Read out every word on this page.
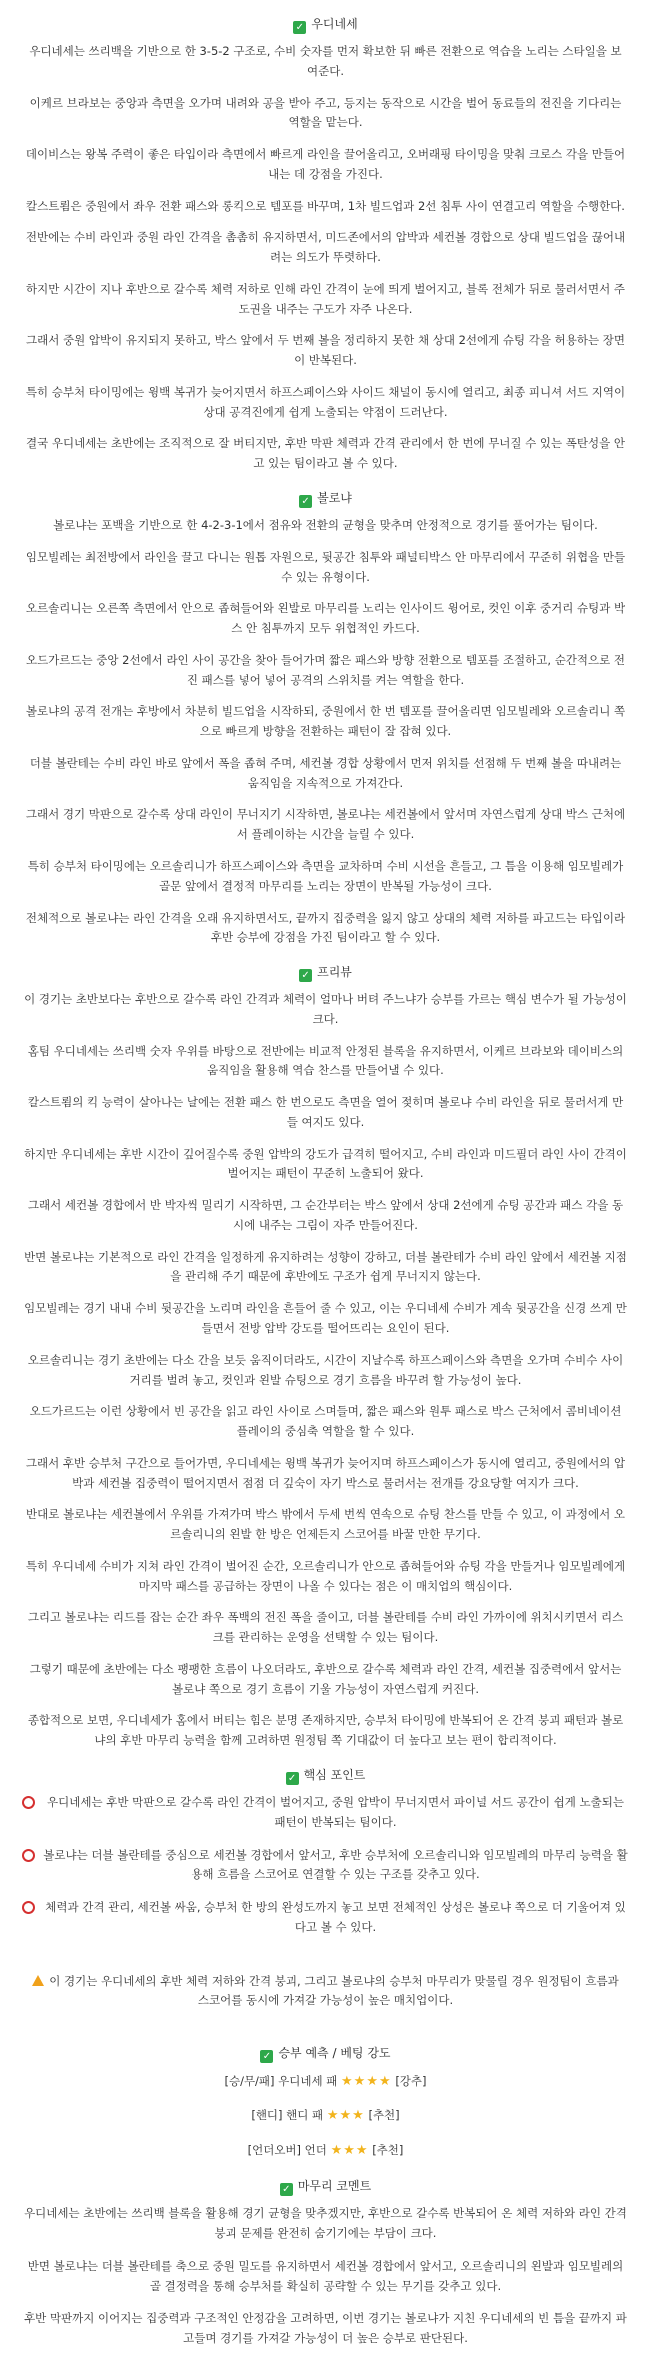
✓ 우디네세

우디네세는 쓰리백을 기반으로 한 3-5-2 구조로, 수비 숫자를 먼저 확보한 뒤 빠른 전환으로 역습을 노리는 스타일을 보여준다.

이케르 브라보는 중앙과 측면을 오가며 내려와 공을 받아 주고, 등지는 동작으로 시간을 벌어 동료들의 전진을 기다리는 역할을 맡는다.

데이비스는 왕복 주력이 좋은 타입이라 측면에서 빠르게 라인을 끌어올리고, 오버래핑 타이밍을 맞춰 크로스 각을 만들어내는 데 강점을 가진다.

칼스트룀은 중원에서 좌우 전환 패스와 롱킥으로 템포를 바꾸며, 1차 빌드업과 2선 침투 사이 연결고리 역할을 수행한다.

전반에는 수비 라인과 중원 라인 간격을 촘촘히 유지하면서, 미드존에서의 압박과 세컨볼 경합으로 상대 빌드업을 끊어내려는 의도가 뚜렷하다.

하지만 시간이 지나 후반으로 갈수록 체력 저하로 인해 라인 간격이 눈에 띄게 벌어지고, 블록 전체가 뒤로 물러서면서 주도권을 내주는 구도가 자주 나온다.

그래서 중원 압박이 유지되지 못하고, 박스 앞에서 두 번째 볼을 정리하지 못한 채 상대 2선에게 슈팅 각을 허용하는 장면이 반복된다.

특히 승부처 타이밍에는 윙백 복귀가 늦어지면서 하프스페이스와 사이드 채널이 동시에 열리고, 최종 피니셔 서드 지역이 상대 공격진에게 쉽게 노출되는 약점이 드러난다.

결국 우디네세는 초반에는 조직적으로 잘 버티지만, 후반 막판 체력과 간격 관리에서 한 번에 무너질 수 있는 폭탄성을 안고 있는 팀이라고 볼 수 있다.

✓ 볼로냐

볼로냐는 포백을 기반으로 한 4-2-3-1에서 점유와 전환의 균형을 맞추며 안정적으로 경기를 풀어가는 팀이다.

임모빌레는 최전방에서 라인을 끌고 다니는 원톱 자원으로, 뒷공간 침투와 패널티박스 안 마무리에서 꾸준히 위협을 만들 수 있는 유형이다.

오르솔리니는 오른쪽 측면에서 안으로 좁혀들어와 왼발로 마무리를 노리는 인사이드 윙어로, 컷인 이후 중거리 슈팅과 박스 안 침투까지 모두 위협적인 카드다.

오드가르드는 중앙 2선에서 라인 사이 공간을 찾아 들어가며 짧은 패스와 방향 전환으로 템포를 조절하고, 순간적으로 전진 패스를 넣어 넣어 공격의 스위치를 켜는 역할을 한다.

볼로냐의 공격 전개는 후방에서 차분히 빌드업을 시작하되, 중원에서 한 번 템포를 끌어올리면 임모빌레와 오르솔리니 쪽으로 빠르게 방향을 전환하는 패턴이 잘 잡혀 있다.

더블 볼란테는 수비 라인 바로 앞에서 폭을 좁혀 주며, 세컨볼 경합 상황에서 먼저 위치를 선점해 두 번째 볼을 따내려는 움직임을 지속적으로 가져간다.

그래서 경기 막판으로 갈수록 상대 라인이 무너지기 시작하면, 볼로냐는 세컨볼에서 앞서며 자연스럽게 상대 박스 근처에서 플레이하는 시간을 늘릴 수 있다.

특히 승부처 타이밍에는 오르솔리니가 하프스페이스와 측면을 교차하며 수비 시선을 흔들고, 그 틈을 이용해 임모빌레가 골문 앞에서 결정적 마무리를 노리는 장면이 반복될 가능성이 크다.

전체적으로 볼로냐는 라인 간격을 오래 유지하면서도, 끝까지 집중력을 잃지 않고 상대의 체력 저하를 파고드는 타입이라 후반 승부에 강점을 가진 팀이라고 할 수 있다.

✓ 프리뷰

이 경기는 초반보다는 후반으로 갈수록 라인 간격과 체력이 얼마나 버텨 주느냐가 승부를 가르는 핵심 변수가 될 가능성이 크다.

홈팀 우디네세는 쓰리백 숫자 우위를 바탕으로 전반에는 비교적 안정된 블록을 유지하면서, 이케르 브라보와 데이비스의 움직임을 활용해 역습 찬스를 만들어낼 수 있다.

칼스트룀의 킥 능력이 살아나는 날에는 전환 패스 한 번으로도 측면을 열어 젖히며 볼로냐 수비 라인을 뒤로 물러서게 만들 여지도 있다.

하지만 우디네세는 후반 시간이 깊어질수록 중원 압박의 강도가 급격히 떨어지고, 수비 라인과 미드필더 라인 사이 간격이 벌어지는 패턴이 꾸준히 노출되어 왔다.

그래서 세컨볼 경합에서 반 박자씩 밀리기 시작하면, 그 순간부터는 박스 앞에서 상대 2선에게 슈팅 공간과 패스 각을 동시에 내주는 그림이 자주 만들어진다.

반면 볼로냐는 기본적으로 라인 간격을 일정하게 유지하려는 성향이 강하고, 더블 볼란테가 수비 라인 앞에서 세컨볼 지점을 관리해 주기 때문에 후반에도 구조가 쉽게 무너지지 않는다.

임모빌레는 경기 내내 수비 뒷공간을 노리며 라인을 흔들어 줄 수 있고, 이는 우디네세 수비가 계속 뒷공간을 신경 쓰게 만들면서 전방 압박 강도를 떨어뜨리는 요인이 된다.

오르솔리니는 경기 초반에는 다소 간을 보듯 움직이더라도, 시간이 지날수록 하프스페이스와 측면을 오가며 수비수 사이 거리를 벌려 놓고, 컷인과 왼발 슈팅으로 경기 흐름을 바꾸려 할 가능성이 높다.

오드가르드는 이런 상황에서 빈 공간을 읽고 라인 사이로 스며들며, 짧은 패스와 원투 패스로 박스 근처에서 콤비네이션 플레이의 중심축 역할을 할 수 있다.

그래서 후반 승부처 구간으로 들어가면, 우디네세는 윙백 복귀가 늦어지며 하프스페이스가 동시에 열리고, 중원에서의 압박과 세컨볼 집중력이 떨어지면서 점점 더 깊숙이 자기 박스로 물러서는 전개를 강요당할 여지가 크다.

반대로 볼로냐는 세컨볼에서 우위를 가져가며 박스 밖에서 두세 번씩 연속으로 슈팅 찬스를 만들 수 있고, 이 과정에서 오르솔리니의 왼발 한 방은 언제든지 스코어를 바꿀 만한 무기다.

특히 우디네세 수비가 지쳐 라인 간격이 벌어진 순간, 오르솔리니가 안으로 좁혀들어와 슈팅 각을 만들거나 임모빌레에게 마지막 패스를 공급하는 장면이 나올 수 있다는 점은 이 매치업의 핵심이다.

그리고 볼로냐는 리드를 잡는 순간 좌우 폭백의 전진 폭을 줄이고, 더블 볼란테를 수비 라인 가까이에 위치시키면서 리스크를 관리하는 운영을 선택할 수 있는 팀이다.

그렇기 때문에 초반에는 다소 팽팽한 흐름이 나오더라도, 후반으로 갈수록 체력과 라인 간격, 세컨볼 집중력에서 앞서는 볼로냐 쪽으로 경기 흐름이 기울 가능성이 자연스럽게 커진다.

종합적으로 보면, 우디네세가 홈에서 버티는 힘은 분명 존재하지만, 승부처 타이밍에 반복되어 온 간격 붕괴 패턴과 볼로냐의 후반 마무리 능력을 함께 고려하면 원정팀 쪽 기대값이 더 높다고 보는 편이 합리적이다.

✓ 핵심 포인트
우디네세는 후반 막판으로 갈수록 라인 간격이 벌어지고, 중원 압박이 무너지면서 파이널 서드 공간이 쉽게 노출되는 패턴이 반복되는 팀이다.
볼로냐는 더블 볼란테를 중심으로 세컨볼 경합에서 앞서고, 후반 승부처에 오르솔리니와 임모빌레의 마무리 능력을 활용해 흐름을 스코어로 연결할 수 있는 구조를 갖추고 있다.
체력과 간격 관리, 세컨볼 싸움, 승부처 한 방의 완성도까지 놓고 보면 전체적인 상성은 볼로냐 쪽으로 더 기울어져 있다고 볼 수 있다.
이 경기는 우디네세의 후반 체력 저하와 간격 붕괴, 그리고 볼로냐의 승부처 마무리가 맞물릴 경우 원정팀이 흐름과 스코어를 동시에 가져갈 가능성이 높은 매치업이다.
✓ 승부 예측 / 베팅 강도
[승/무/패] 우디네세 패 ★★★★ [강추]
[핸디] 핸디 패 ★★★ [추천]
[언더오버] 언더 ★★★ [추천]
✓ 마무리 코멘트

우디네세는 초반에는 쓰리백 블록을 활용해 경기 균형을 맞추겠지만, 후반으로 갈수록 반복되어 온 체력 저하와 라인 간격 붕괴 문제를 완전히 숨기기에는 부담이 크다.

반면 볼로냐는 더블 볼란테를 축으로 중원 밀도를 유지하면서 세컨볼 경합에서 앞서고, 오르솔리니의 왼발과 임모빌레의 골 결정력을 통해 승부처를 확실히 공략할 수 있는 무기를 갖추고 있다.

후반 막판까지 이어지는 집중력과 구조적인 안정감을 고려하면, 이번 경기는 볼로냐가 지친 우디네세의 빈 틈을 끝까지 파고들며 경기를 가져갈 가능성이 더 높은 승부로 판단된다.
